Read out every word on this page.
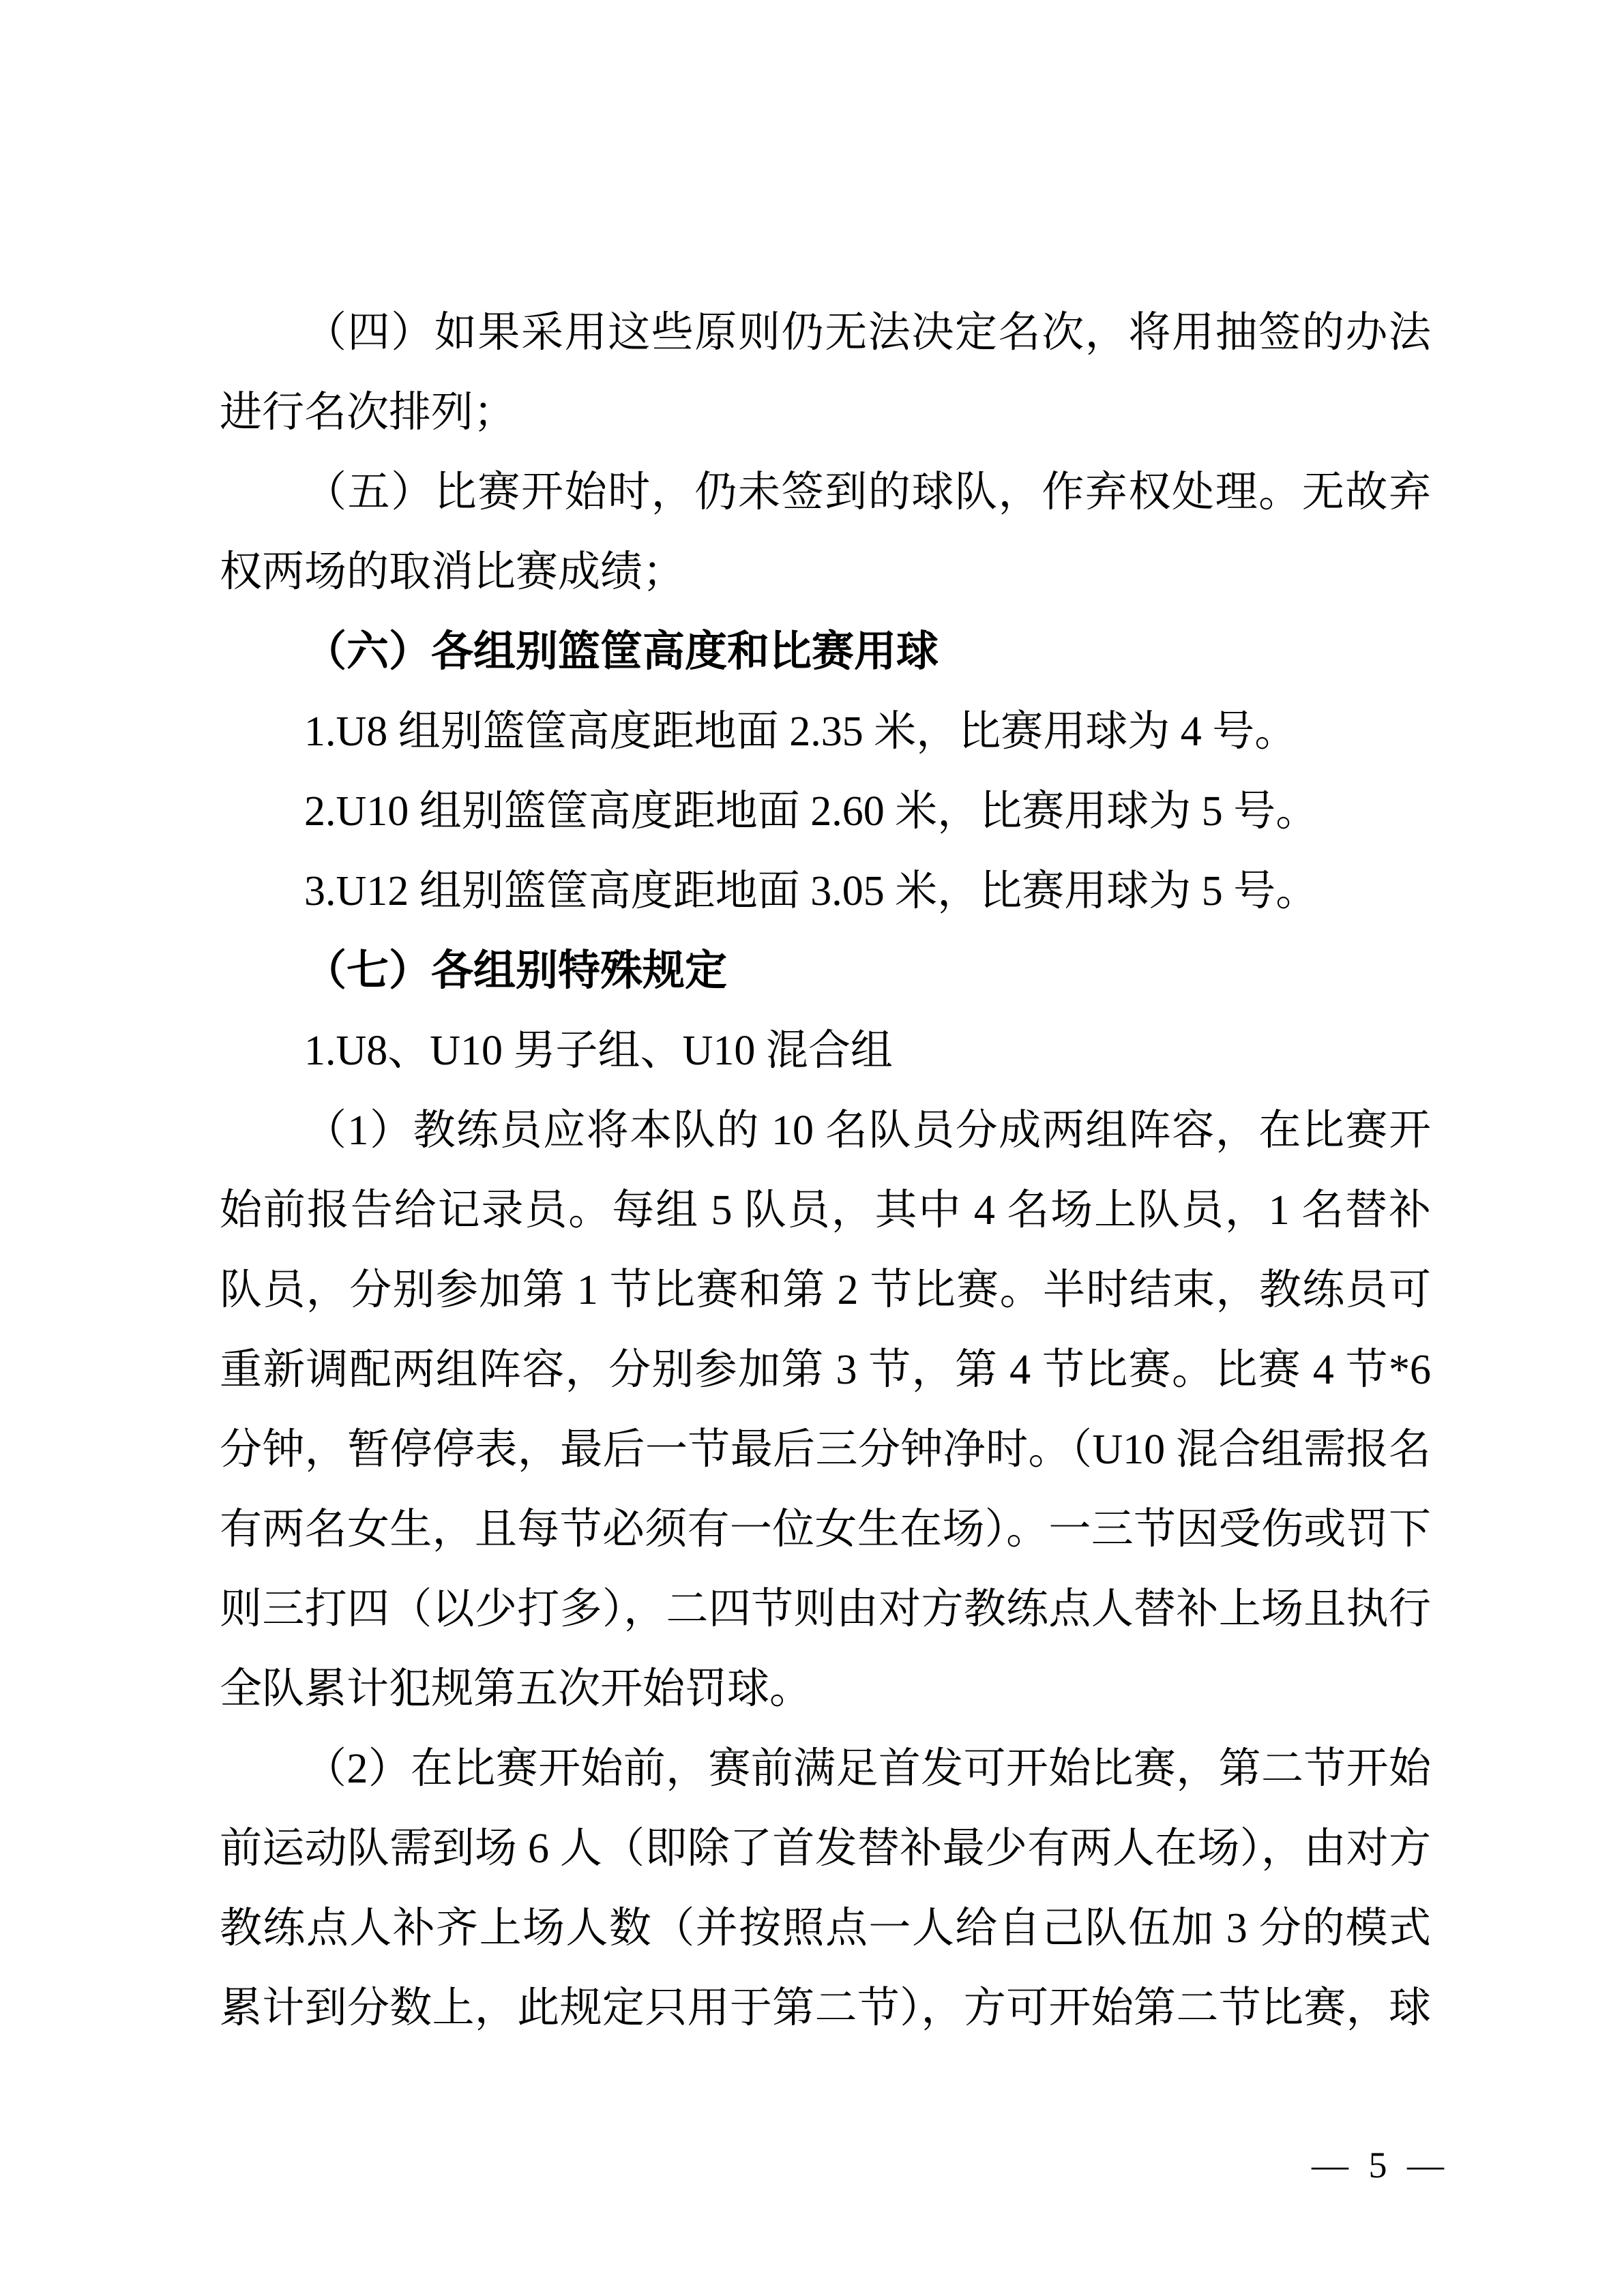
（四）如果采用这些原则仍无法决定名次，将用抽签的办法

进行名次排列；

（五）比赛开始时，仍未签到的球队，作弃权处理。无故弃

权两场的取消比赛成绩；

（六）各组别篮筐高度和比赛用球

1.U8 组别篮筐高度距地面 2.35 米，比赛用球为 4 号。

2.U10 组别篮筐高度距地面 2.60 米，比赛用球为 5 号。

3.U12 组别篮筐高度距地面 3.05 米，比赛用球为 5 号。

（七）各组别特殊规定

1.U8、U10 男子组、U10 混合组

（1）教练员应将本队的 10 名队员分成两组阵容，在比赛开

始前报告给记录员。每组 5 队员，其中 4 名场上队员，1 名替补

队员，分别参加第 1 节比赛和第 2 节比赛。半时结束，教练员可

重新调配两组阵容，分别参加第 3 节，第 4 节比赛。比赛 4 节*6

分钟，暂停停表，最后一节最后三分钟净时。（U10 混合组需报名

有两名女生，且每节必须有一位女生在场）。一三节因受伤或罚下

则三打四（以少打多），二四节则由对方教练点人替补上场且执行

全队累计犯规第五次开始罚球。

（2）在比赛开始前，赛前满足首发可开始比赛，第二节开始

前运动队需到场 6 人（即除了首发替补最少有两人在场），由对方

教练点人补齐上场人数（并按照点一人给自己队伍加 3 分的模式

累计到分数上，此规定只用于第二节），方可开始第二节比赛，球

— 5 —
